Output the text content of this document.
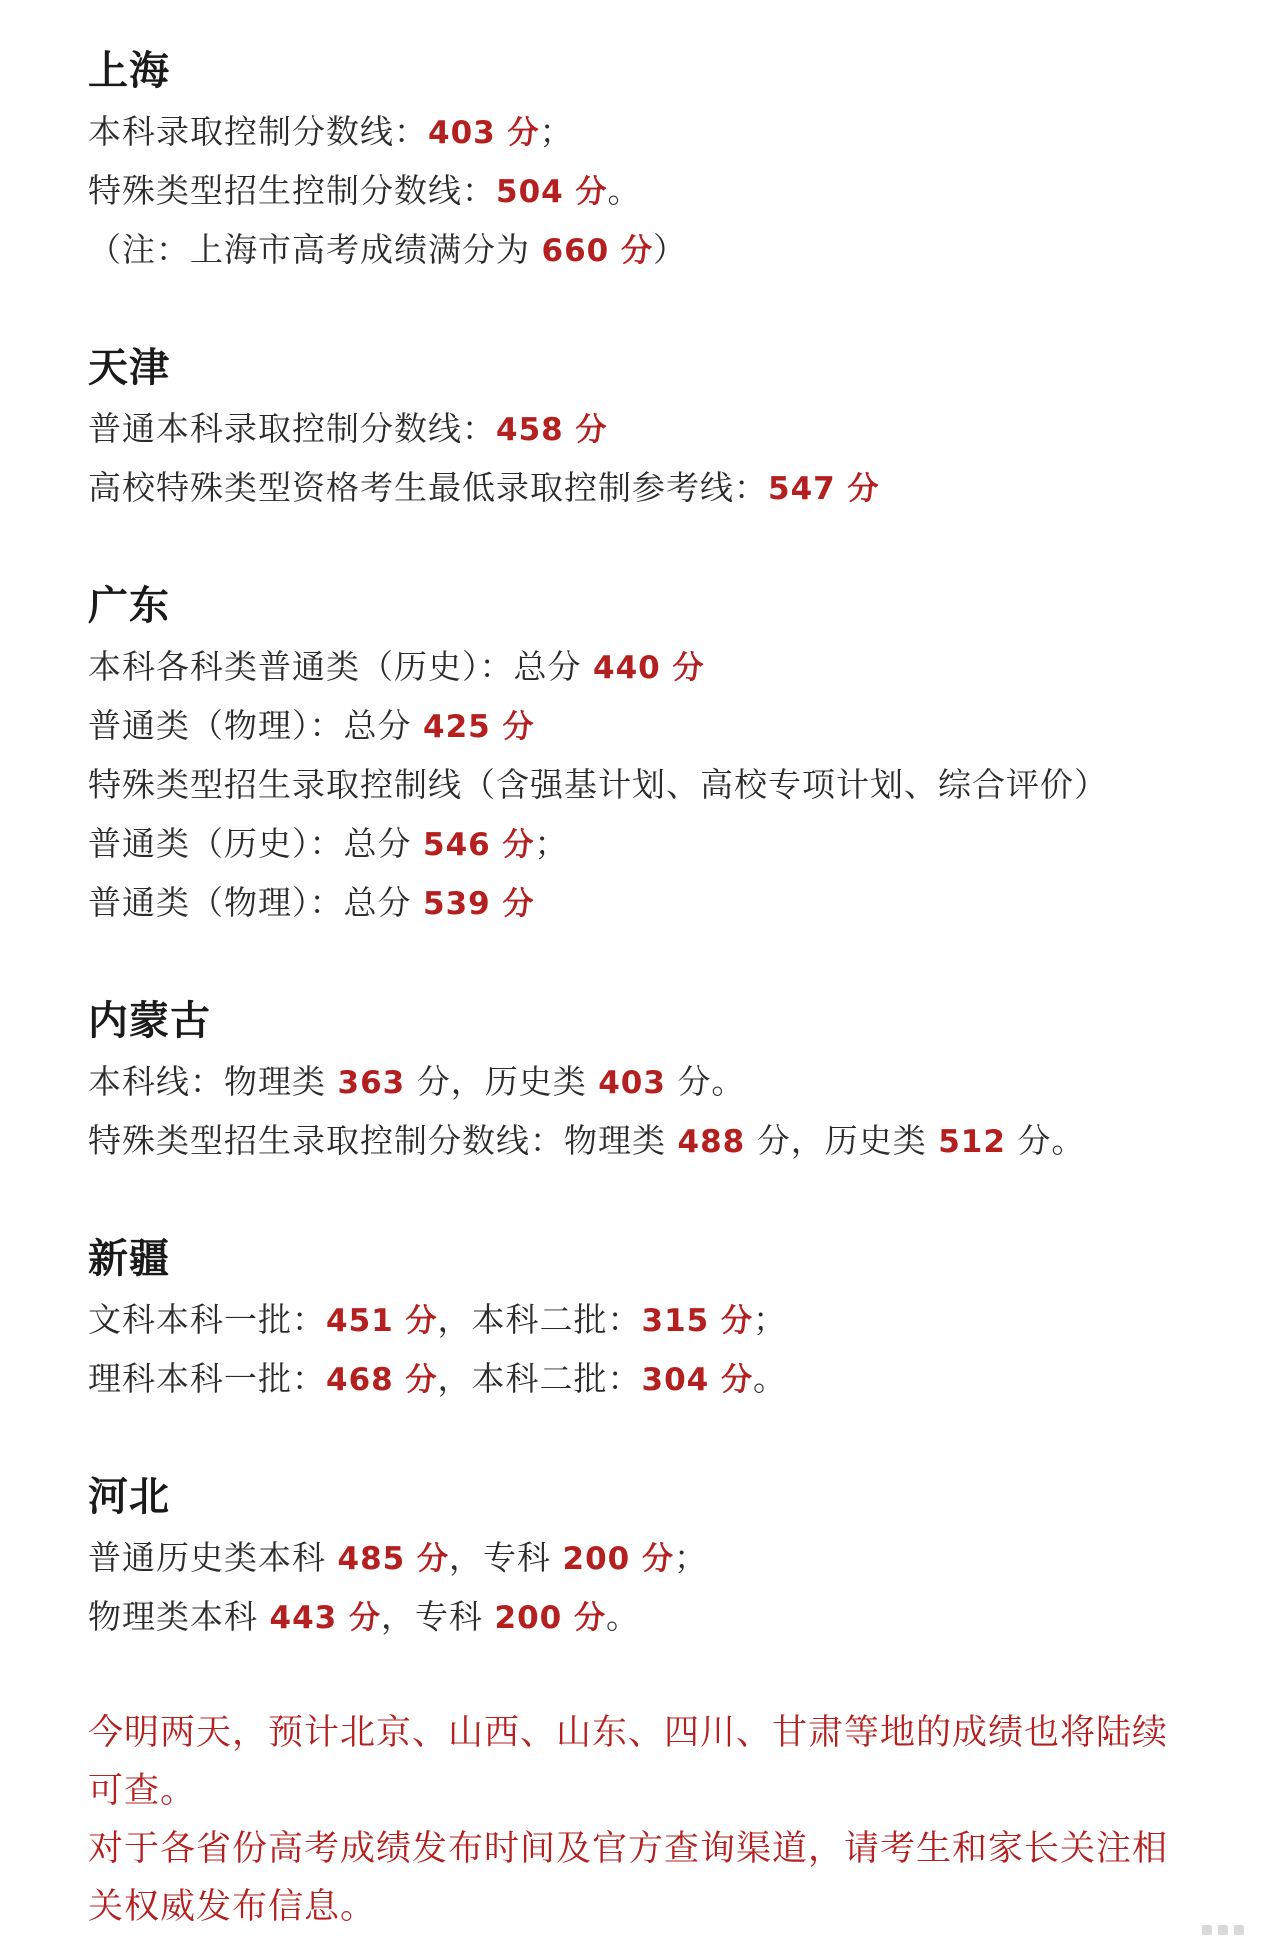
上海
本科录取控制分数线：403 分；
特殊类型招生控制分数线：504 分。
（注：上海市高考成绩满分为 660 分）
天津
普通本科录取控制分数线：458 分
高校特殊类型资格考生最低录取控制参考线：547 分
广东
本科各科类普通类（历史）：总分 440 分
普通类（物理）：总分 425 分
特殊类型招生录取控制线（含强基计划、高校专项计划、综合评价）
普通类（历史）：总分 546 分；
普通类（物理）：总分 539 分
内蒙古
本科线：物理类 363 分，历史类 403 分。
特殊类型招生录取控制分数线：物理类 488 分，历史类 512 分。
新疆
文科本科一批：451 分，本科二批：315 分；
理科本科一批：468 分，本科二批：304 分。
河北
普通历史类本科 485 分，专科 200 分；
物理类本科 443 分，专科 200 分。
今明两天，预计北京、山西、山东、四川、甘肃等地的成绩也将陆续
可查。
对于各省份高考成绩发布时间及官方查询渠道，请考生和家长关注相
关权威发布信息。
